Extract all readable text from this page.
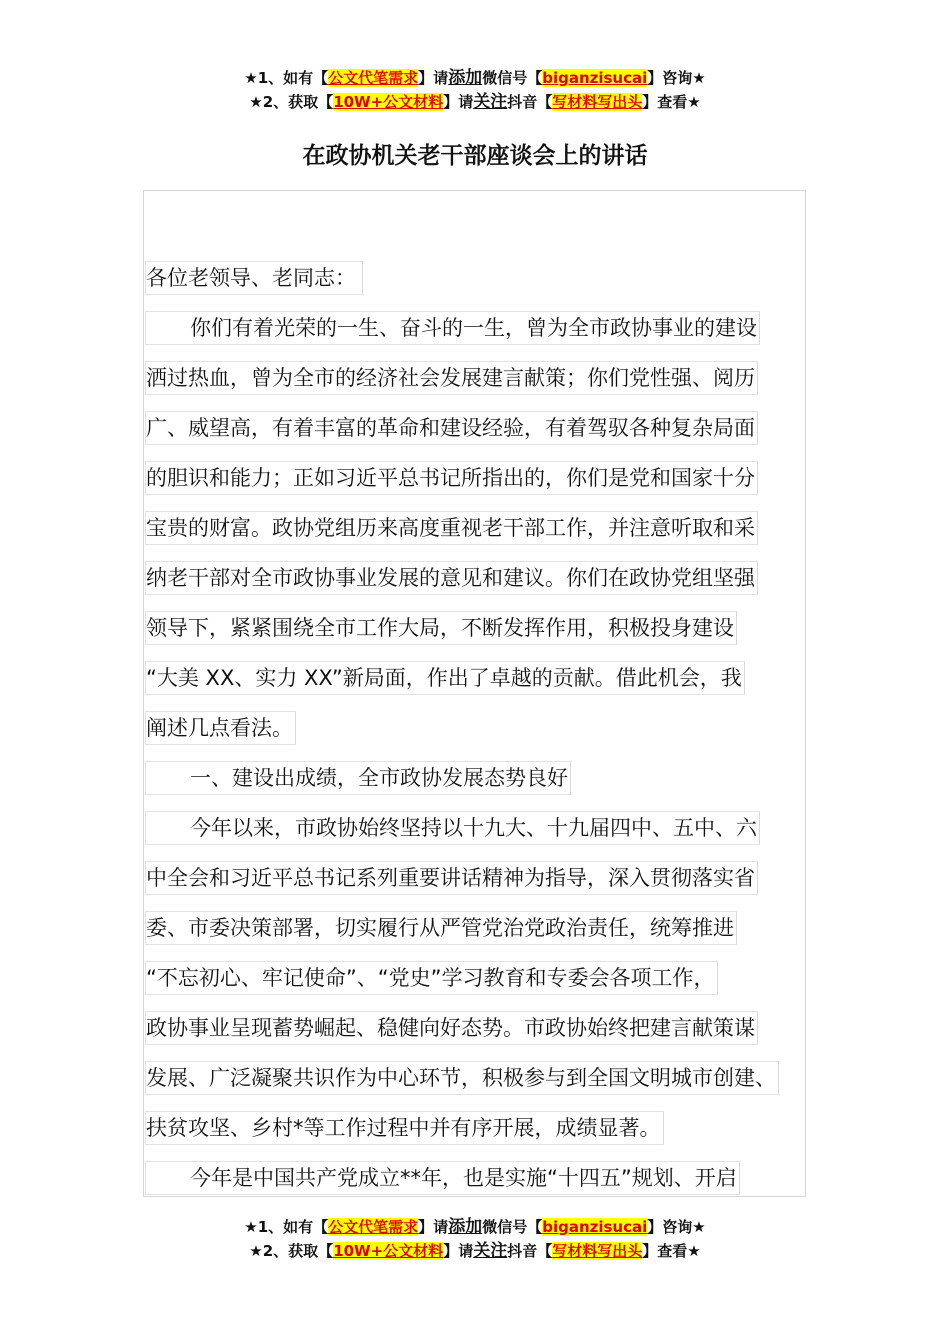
★1、如有【公文代笔需求】请添加微信号【biganzisucai】咨询★
★2、获取【10W+公文材料】请关注抖音【写材料写出头】查看★
在政协机关老干部座谈会上的讲话
各位老领导、老同志：
你们有着光荣的一生、奋斗的一生，曾为全市政协事业的建设
洒过热血，曾为全市的经济社会发展建言献策；你们党性强、阅历
广、威望高，有着丰富的革命和建设经验，有着驾驭各种复杂局面
的胆识和能力；正如习近平总书记所指出的，你们是党和国家十分
宝贵的财富。政协党组历来高度重视老干部工作，并注意听取和采
纳老干部对全市政协事业发展的意见和建议。你们在政协党组坚强
领导下，紧紧围绕全市工作大局，不断发挥作用，积极投身建设
“大美 XX、实力 XX”新局面，作出了卓越的贡献。借此机会，我
阐述几点看法。
一、建设出成绩，全市政协发展态势良好
今年以来，市政协始终坚持以十九大、十九届四中、五中、六
中全会和习近平总书记系列重要讲话精神为指导，深入贯彻落实省
委、市委决策部署，切实履行从严管党治党政治责任，统筹推进
“不忘初心、牢记使命”、“党史”学习教育和专委会各项工作，
政协事业呈现蓄势崛起、稳健向好态势。市政协始终把建言献策谋
发展、广泛凝聚共识作为中心环节，积极参与到全国文明城市创建、
扶贫攻坚、乡村*等工作过程中并有序开展，成绩显著。
今年是中国共产党成立**年，也是实施“十四五”规划、开启
★1、如有【公文代笔需求】请添加微信号【biganzisucai】咨询★
★2、获取【10W+公文材料】请关注抖音【写材料写出头】查看★
